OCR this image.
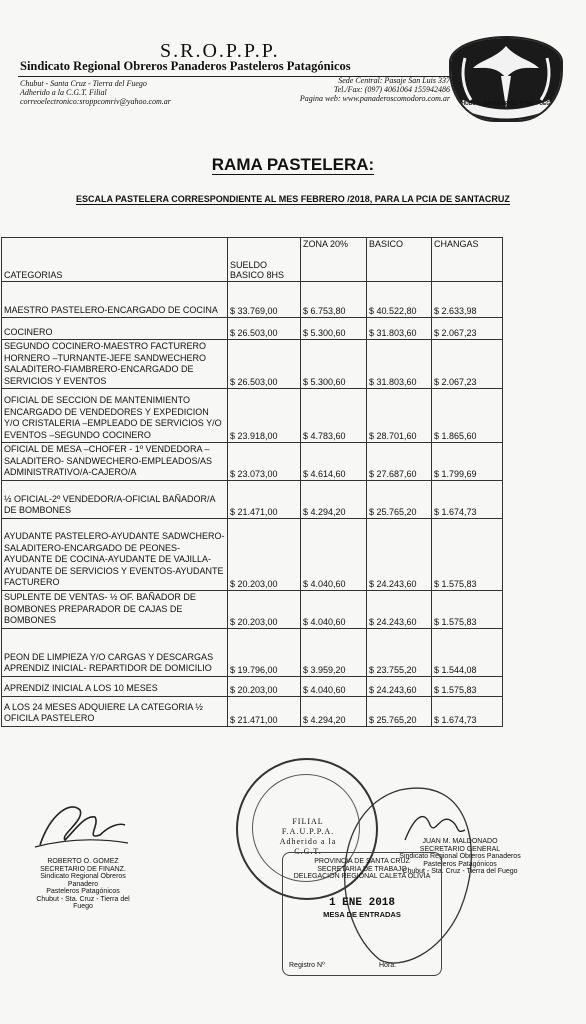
S.R.O.P.P.P.
Sindicato Regional Obreros Panaderos Pasteleros Patagónicos
Chubut - Santa Cruz - Tierra del Fuego
Adherido a la C.G.T. Filial
correoelectronico:sroppcomriv@yahoo.com.ar
Sede Central: Pasaje San Luis 337
Tel./Fax: (097) 4061064 155942486
Pagina web: www.panaderoscomodoro.com.ar
CHUBUT - SANTA CRUZ - T. DEL FUEGO
RAMA PASTELERA:
ESCALA PASTELERA CORRESPONDIENTE AL MES FEBRERO /2018, PARA LA PCIA DE SANTACRUZ
CATEGORIAS	SUELDO BASICO 8HS	ZONA 20%	BASICO	CHANGAS
MAESTRO PASTELERO-ENCARGADO DE COCINA	$ 33.769,00	$ 6.753,80	$ 40.522,80	$ 2.633,98
COCINERO	$ 26.503,00	$ 5.300,60	$ 31.803,60	$ 2.067,23
SEGUNDO COCINERO-MAESTRO FACTURERO HORNERO –TURNANTE-JEFE SANDWECHERO SALADITERO-FIAMBRERO-ENCARGADO DE SERVICIOS Y EVENTOS	$ 26.503,00	$ 5.300,60	$ 31.803,60	$ 2.067,23
OFICIAL DE SECCION DE MANTENIMIENTO ENCARGADO DE VENDEDORES Y EXPEDICION Y/O CRISTALERIA –EMPLEADO DE SERVICIOS Y/O EVENTOS –SEGUNDO COCINERO	$ 23.918,00	$ 4.783,60	$ 28.701,60	$ 1.865,60
OFICIAL DE MESA –CHOFER - 1º VENDEDORA – SALADITERO- SANDWECHERO-EMPLEADOS/AS ADMINISTRATIVO/A-CAJERO/A	$ 23.073,00	$ 4.614,60	$ 27.687,60	$ 1.799,69
½ OFICIAL-2º VENDEDOR/A-OFICIAL BAÑADOR/A DE BOMBONES	$ 21.471,00	$ 4.294,20	$ 25.765,20	$ 1.674,73
AYUDANTE PASTELERO-AYUDANTE SADWCHERO-SALADITERO-ENCARGADO DE PEONES-AYUDANTE DE COCINA-AYUDANTE DE VAJILLA-AYUDANTE DE SERVICIOS Y EVENTOS-AYUDANTE FACTURERO	$ 20.203,00	$ 4.040,60	$ 24.243,60	$ 1.575,83
SUPLENTE DE VENTAS- ½ OF. BAÑADOR DE BOMBONES PREPARADOR DE CAJAS DE BOMBONES	$ 20.203,00	$ 4.040,60	$ 24.243,60	$ 1.575,83
PEON DE LIMPIEZA Y/O CARGAS Y DESCARGAS APRENDIZ INICIAL- REPARTIDOR DE DOMICILIO	$ 19.796,00	$ 3.959,20	$ 23.755,20	$ 1.544,08
APRENDIZ INICIAL A LOS 10 MESES	$ 20.203,00	$ 4.040,60	$ 24.243,60	$ 1.575,83
A LOS 24 MESES ADQUIERE LA CATEGORIA ½ OFICILA PASTELERO	$ 21.471,00	$ 4.294,20	$ 25.765,20	$ 1.674,73
ROBERTO O. GOMEZ
SECRETARIO DE FINANZ.
Sindicato Regional Obreros Panadero
Pasteleros Patagónicos
Chubut - Sta. Cruz - Tierra del Fuego
FILIAL
F.A.U.P.P.A.
Adherido a la
C.G.T.
JUAN M. MALDONADO
SECRETARIO GENERAL
Sindicato Regional Obreros Panaderos
Pasteleros Patagónicos
Chubut - Sta. Cruz - Tierra del Fuego
PROVINCIA DE SANTA CRUZ
SECRETARIA DE TRABAJO
DELEGACIÓN REGIONAL CALETA OLIVIA
1 ENE 2018
MESA DE ENTRADAS
Registro Nº	Hora:
